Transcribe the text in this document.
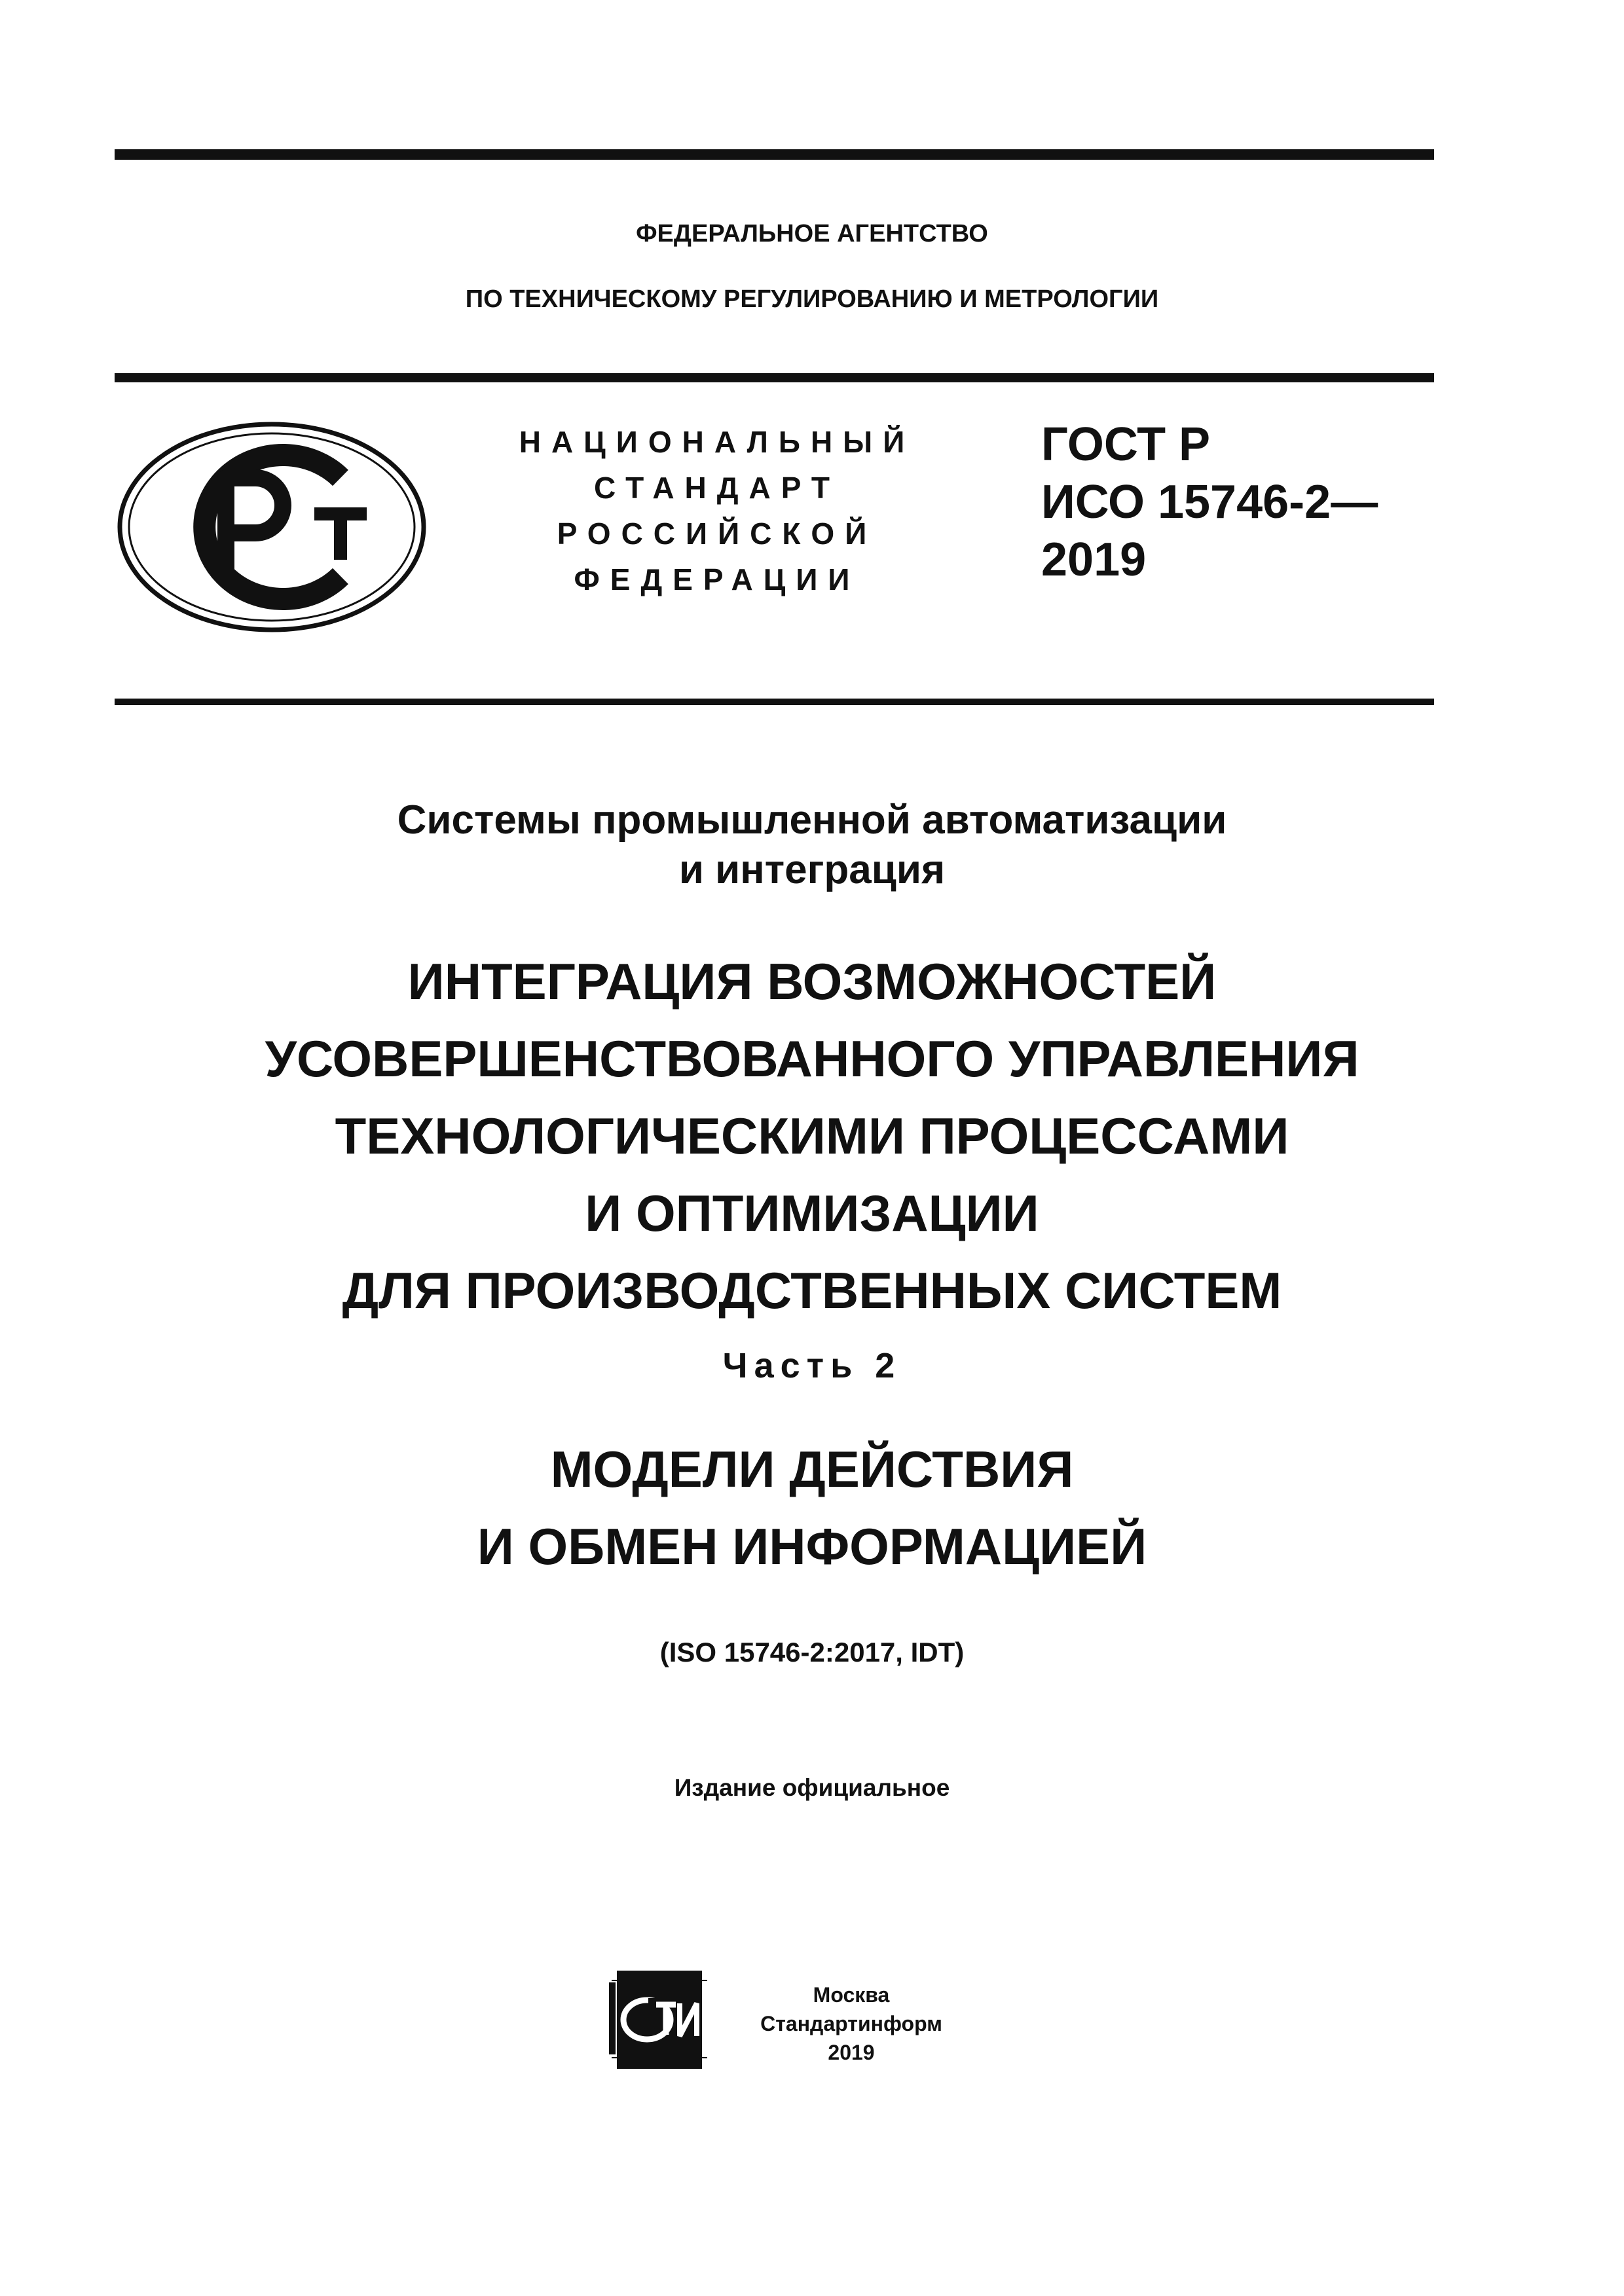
ФЕДЕРАЛЬНОЕ АГЕНТСТВО
ПО ТЕХНИЧЕСКОМУ РЕГУЛИРОВАНИЮ И МЕТРОЛОГИИ
НАЦИОНАЛЬНЫЙ
СТАНДАРТ
РОССИЙСКОЙ
ФЕДЕРАЦИИ
ГОСТ Р
ИСО 15746-2—
2019
Системы промышленной автоматизации
и интеграция
ИНТЕГРАЦИЯ ВОЗМОЖНОСТЕЙ
УСОВЕРШЕНСТВОВАННОГО УПРАВЛЕНИЯ
ТЕХНОЛОГИЧЕСКИМИ ПРОЦЕССАМИ
И ОПТИМИЗАЦИИ
ДЛЯ ПРОИЗВОДСТВЕННЫХ СИСТЕМ
Часть 2
МОДЕЛИ ДЕЙСТВИЯ
И ОБМЕН ИНФОРМАЦИЕЙ
(ISO 15746-2:2017, IDT)
Издание официальное
Москва
Стандартинформ
2019
